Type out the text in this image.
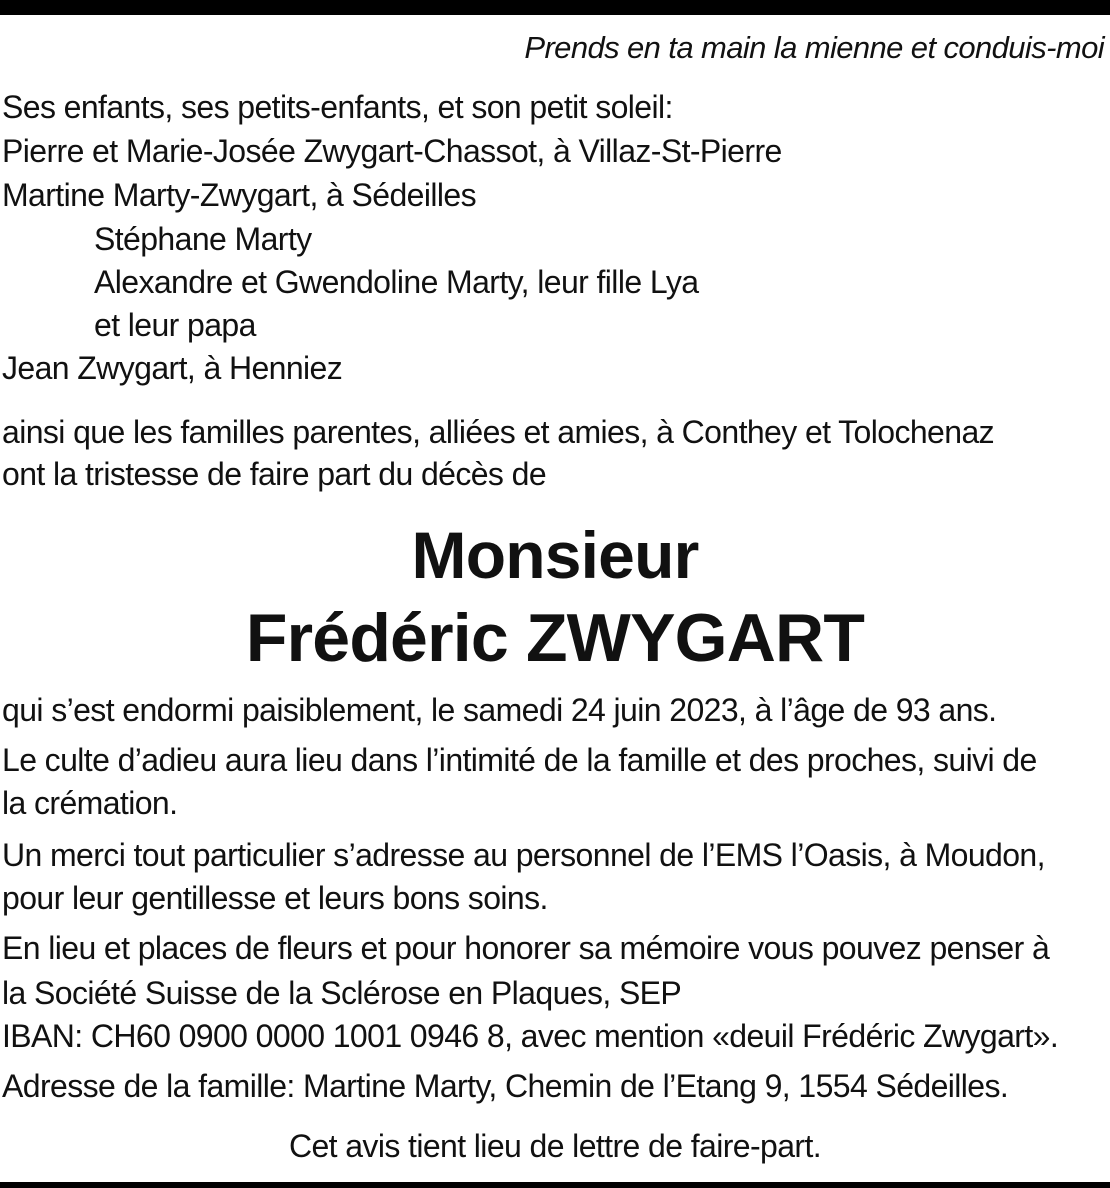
Prends en ta main la mienne et conduis-moi
Ses enfants, ses petits-enfants, et son petit soleil:
Pierre et Marie-Josée Zwygart-Chassot, à Villaz-St-Pierre
Martine Marty-Zwygart, à Sédeilles
Stéphane Marty
Alexandre et Gwendoline Marty, leur fille Lya
et leur papa
Jean Zwygart, à Henniez
ainsi que les familles parentes, alliées et amies, à Conthey et Tolochenaz
ont la tristesse de faire part du décès de
Monsieur
Frédéric ZWYGART
qui s’est endormi paisiblement, le samedi 24 juin 2023, à l’âge de 93 ans.
Le culte d’adieu aura lieu dans l’intimité de la famille et des proches, suivi de
la crémation.
Un merci tout particulier s’adresse au personnel de l’EMS l’Oasis, à Moudon,
pour leur gentillesse et leurs bons soins.
En lieu et places de fleurs et pour honorer sa mémoire vous pouvez penser à
la Société Suisse de la Sclérose en Plaques, SEP
IBAN: CH60 0900 0000 1001 0946 8, avec mention «deuil Frédéric Zwygart».
Adresse de la famille: Martine Marty, Chemin de l’Etang 9, 1554 Sédeilles.
Cet avis tient lieu de lettre de faire-part.
